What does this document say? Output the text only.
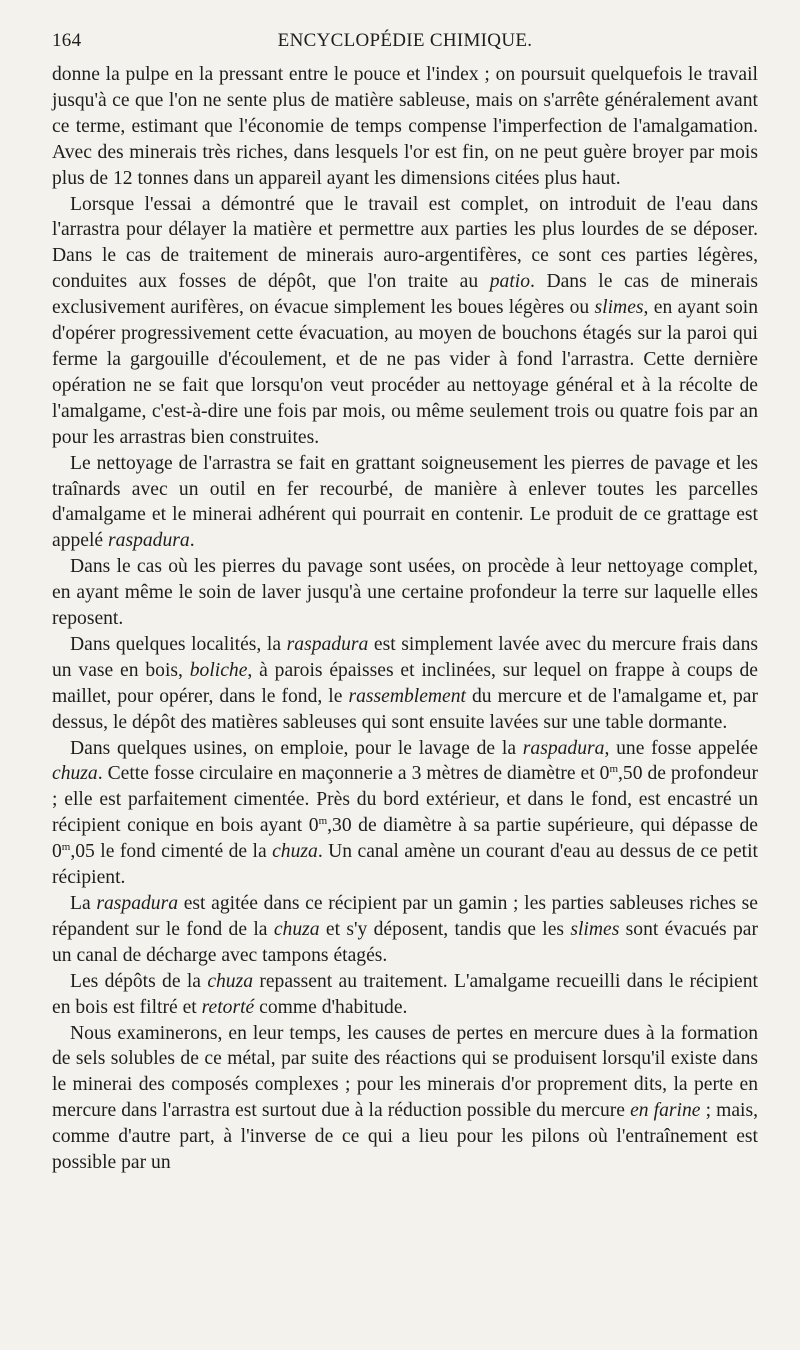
164	ENCYCLOPÉDIE CHIMIQUE.

donne la pulpe en la pressant entre le pouce et l'index ; on poursuit quelquefois le travail jusqu'à ce que l'on ne sente plus de matière sableuse, mais on s'arrête généralement avant ce terme, estimant que l'économie de temps compense l'imperfection de l'amalgamation. Avec des minerais très riches, dans lesquels l'or est fin, on ne peut guère broyer par mois plus de 12 tonnes dans un appareil ayant les dimensions citées plus haut.

Lorsque l'essai a démontré que le travail est complet, on introduit de l'eau dans l'arrastra pour délayer la matière et permettre aux parties les plus lourdes de se déposer. Dans le cas de traitement de minerais auro-argentifères, ce sont ces parties légères, conduites aux fosses de dépôt, que l'on traite au patio. Dans le cas de minerais exclusivement aurifères, on évacue simplement les boues légères ou slimes, en ayant soin d'opérer progressivement cette évacuation, au moyen de bouchons étagés sur la paroi qui ferme la gargouille d'écoulement, et de ne pas vider à fond l'arrastra. Cette dernière opération ne se fait que lorsqu'on veut procéder au nettoyage général et à la récolte de l'amalgame, c'est-à-dire une fois par mois, ou même seulement trois ou quatre fois par an pour les arrastras bien construites.

Le nettoyage de l'arrastra se fait en grattant soigneusement les pierres de pavage et les traînards avec un outil en fer recourbé, de manière à enlever toutes les parcelles d'amalgame et le minerai adhérent qui pourrait en contenir. Le produit de ce grattage est appelé raspadura.

Dans le cas où les pierres du pavage sont usées, on procède à leur nettoyage complet, en ayant même le soin de laver jusqu'à une certaine profondeur la terre sur laquelle elles reposent.

Dans quelques localités, la raspadura est simplement lavée avec du mercure frais dans un vase en bois, boliche, à parois épaisses et inclinées, sur lequel on frappe à coups de maillet, pour opérer, dans le fond, le rassemblement du mercure et de l'amalgame et, par dessus, le dépôt des matières sableuses qui sont ensuite lavées sur une table dormante.

Dans quelques usines, on emploie, pour le lavage de la raspadura, une fosse appelée chuza. Cette fosse circulaire en maçonnerie a 3 mètres de diamètre et 0$^m$,50 de profondeur ; elle est parfaitement cimentée. Près du bord extérieur, et dans le fond, est encastré un récipient conique en bois ayant 0$^m$,30 de diamètre à sa partie supérieure, qui dépasse de 0$^m$,05 le fond cimenté de la chuza. Un canal amène un courant d'eau au dessus de ce petit récipient.

La raspadura est agitée dans ce récipient par un gamin ; les parties sableuses riches se répandent sur le fond de la chuza et s'y déposent, tandis que les slimes sont évacués par un canal de décharge avec tampons étagés.

Les dépôts de la chuza repassent au traitement. L'amalgame recueilli dans le récipient en bois est filtré et retorté comme d'habitude.

Nous examinerons, en leur temps, les causes de pertes en mercure dues à la formation de sels solubles de ce métal, par suite des réactions qui se produisent lorsqu'il existe dans le minerai des composés complexes ; pour les minerais d'or proprement dits, la perte en mercure dans l'arrastra est surtout due à la réduction possible du mercure en farine ; mais, comme d'autre part, à l'inverse de ce qui a lieu pour les pilons où l'entraînement est possible par un
